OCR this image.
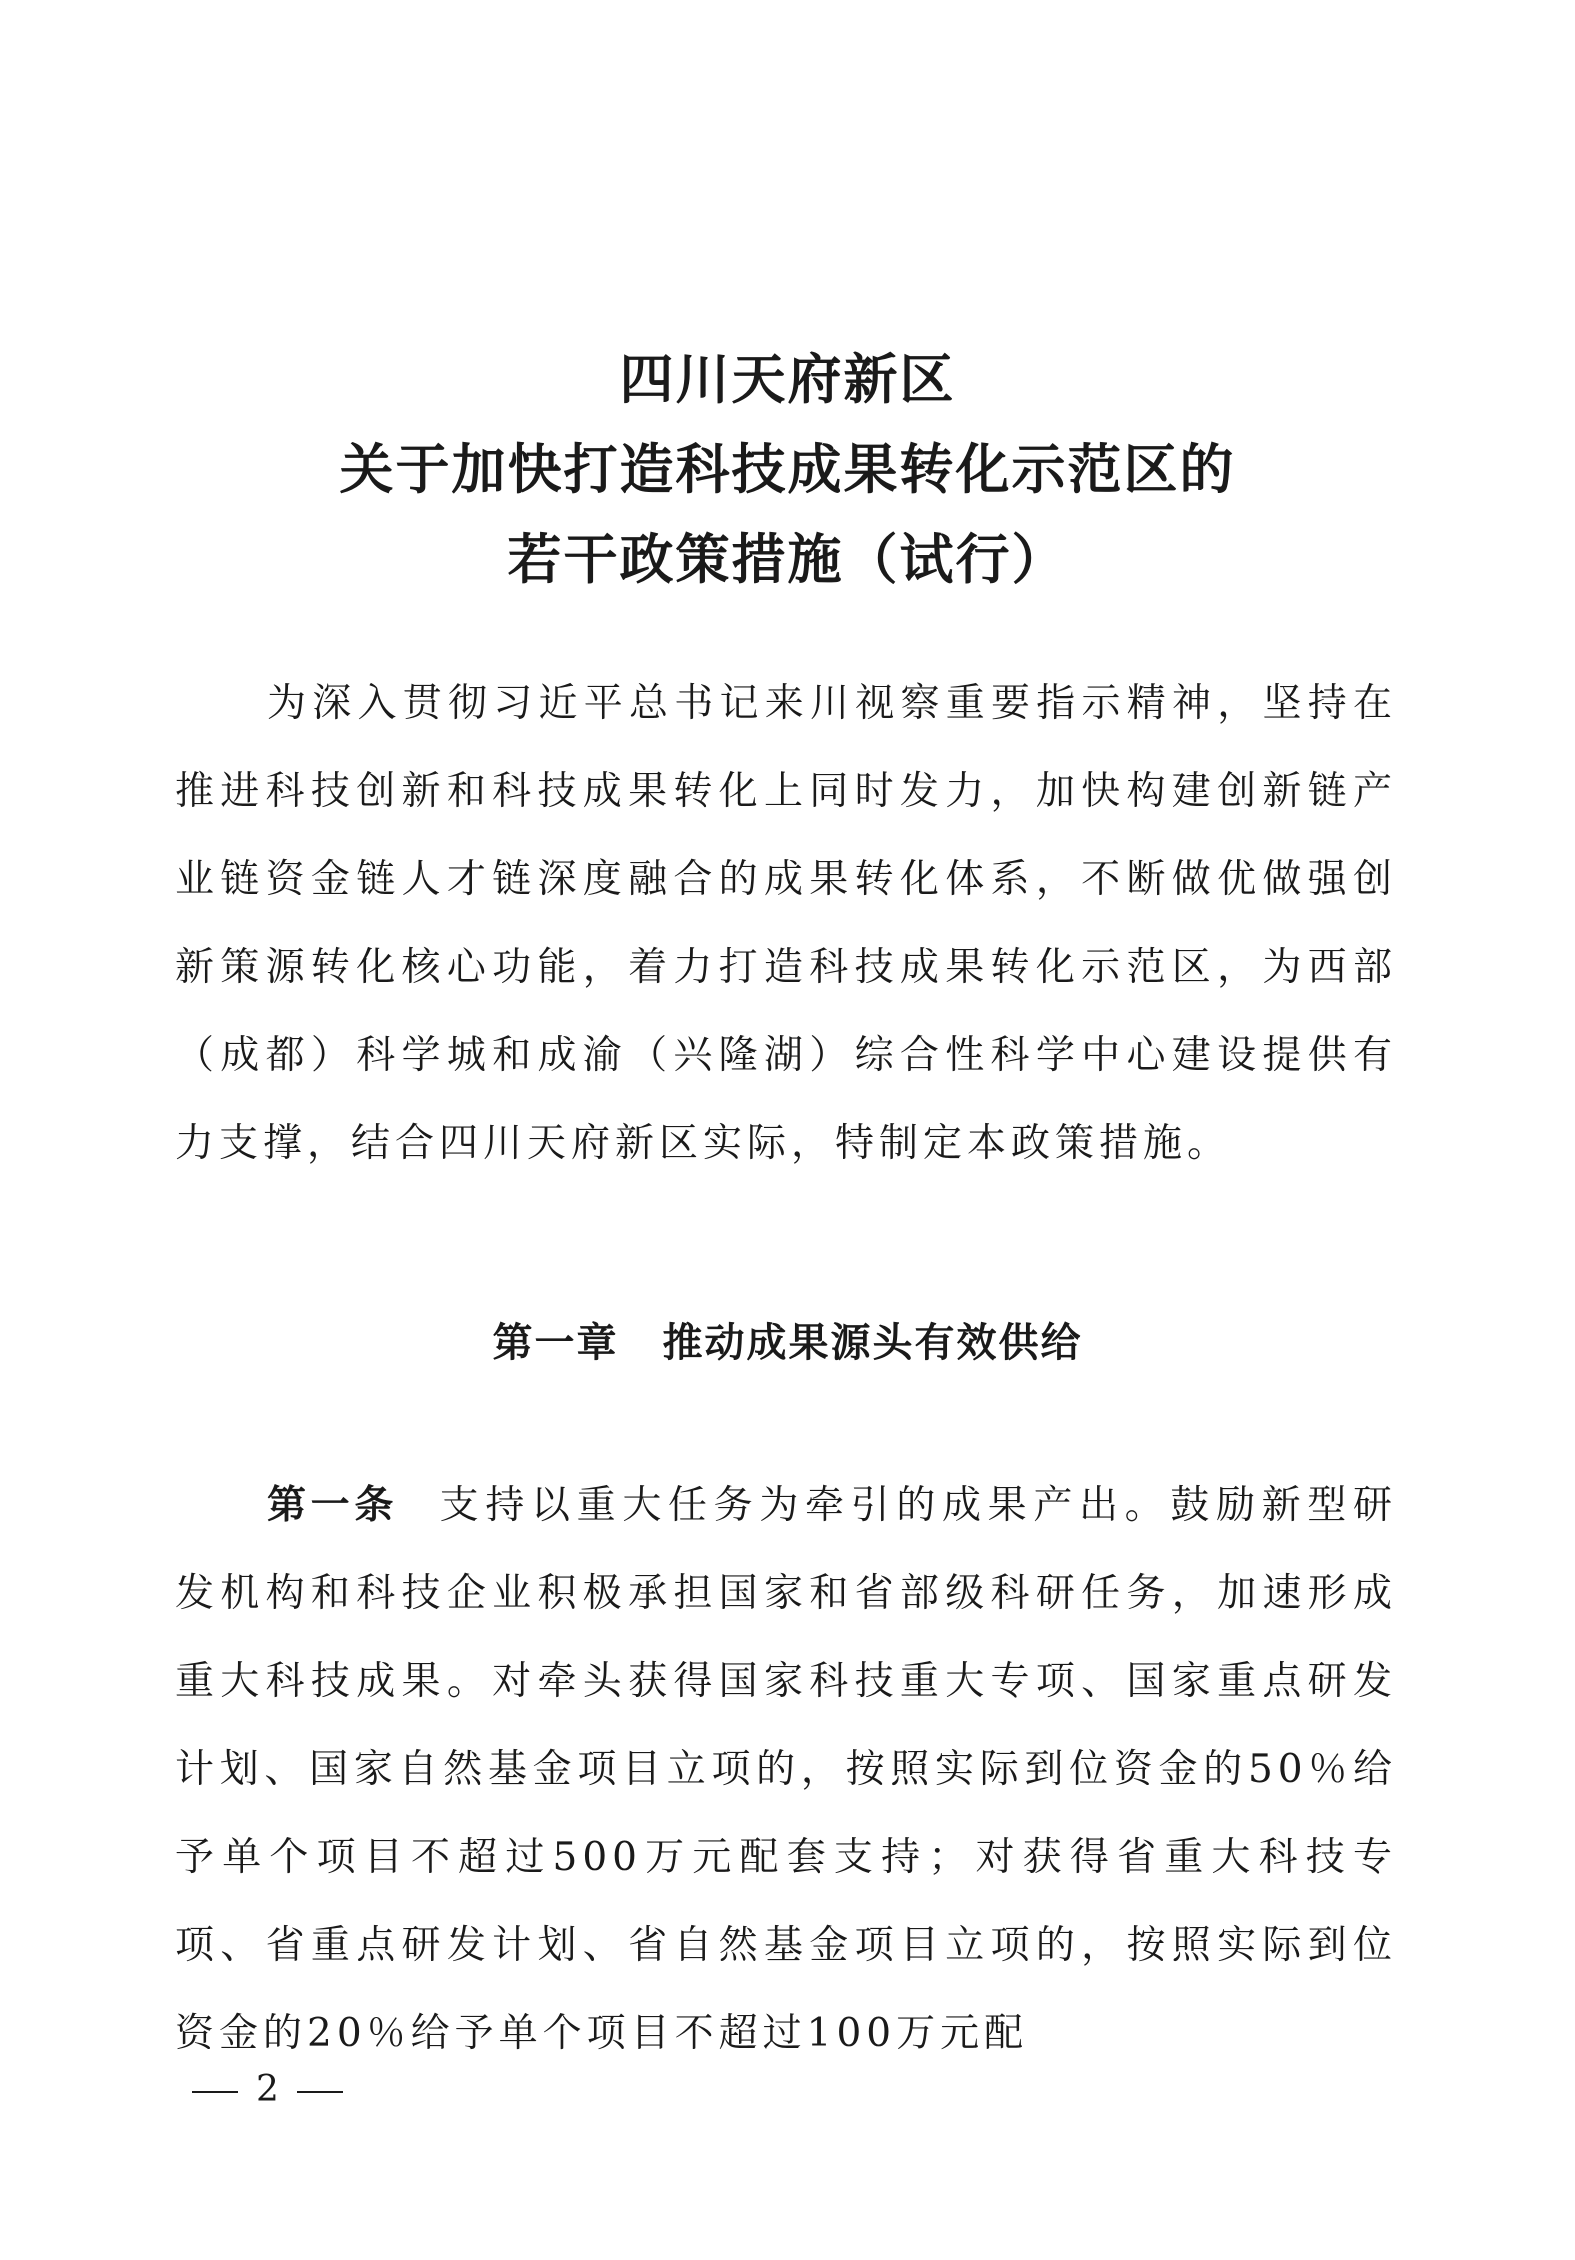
四川天府新区
关于加快打造科技成果转化示范区的
若干政策措施（试行）

为深入贯彻习近平总书记来川视察重要指示精神，坚持在推进科技创新和科技成果转化上同时发力，加快构建创新链产业链资金链人才链深度融合的成果转化体系，不断做优做强创新策源转化核心功能，着力打造科技成果转化示范区，为西部（成都）科学城和成渝（兴隆湖）综合性科学中心建设提供有力支撑，结合四川天府新区实际，特制定本政策措施。

第一章 推动成果源头有效供给

第一条 支持以重大任务为牵引的成果产出。鼓励新型研发机构和科技企业积极承担国家和省部级科研任务，加速形成重大科技成果。对牵头获得国家科技重大专项、国家重点研发计划、国家自然基金项目立项的，按照实际到位资金的50％给予单个项目不超过500万元配套支持；对获得省重大科技专项、省重点研发计划、省自然基金项目立项的，按照实际到位资金的20％给予单个项目不超过100万元配

2
